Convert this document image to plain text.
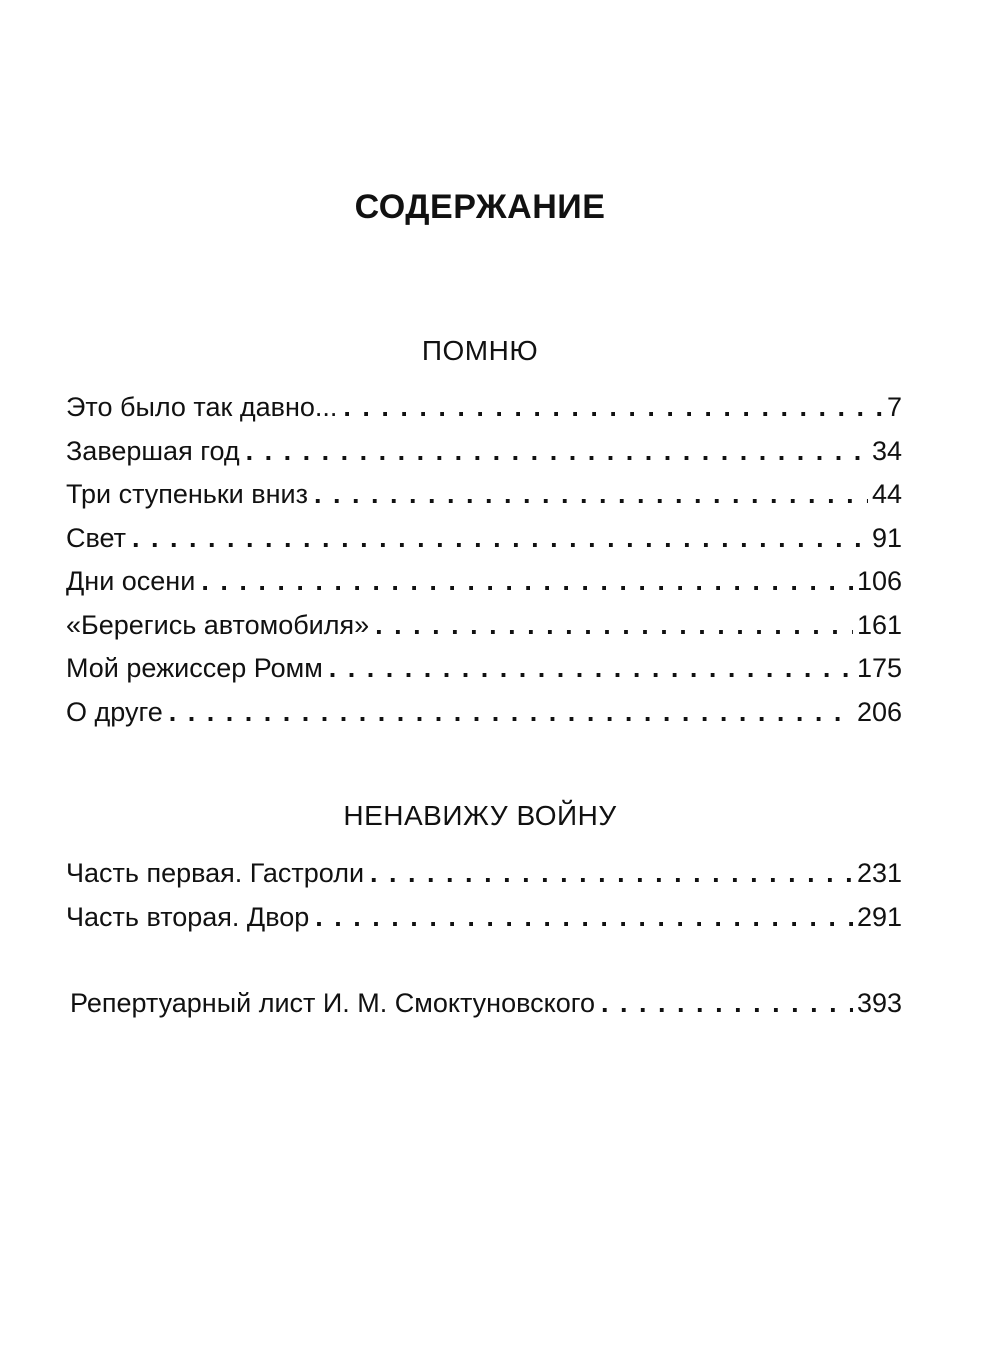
СОДЕРЖАНИЕ
ПОМНЮ
Это было так давно... . . .	7
Завершая год . . .	34
Три ступеньки вниз . . .	44
Свет . . .	91
Дни осени . . .	106
«Берегись автомобиля» . . .	161
Мой режиссер Ромм . . .	175
О друге . . .	206
НЕНАВИЖУ ВОЙНУ
Часть первая. Гастроли . . .	231
Часть вторая. Двор . . .	291
Репертуарный лист И. М. Смоктуновского . . .	393
